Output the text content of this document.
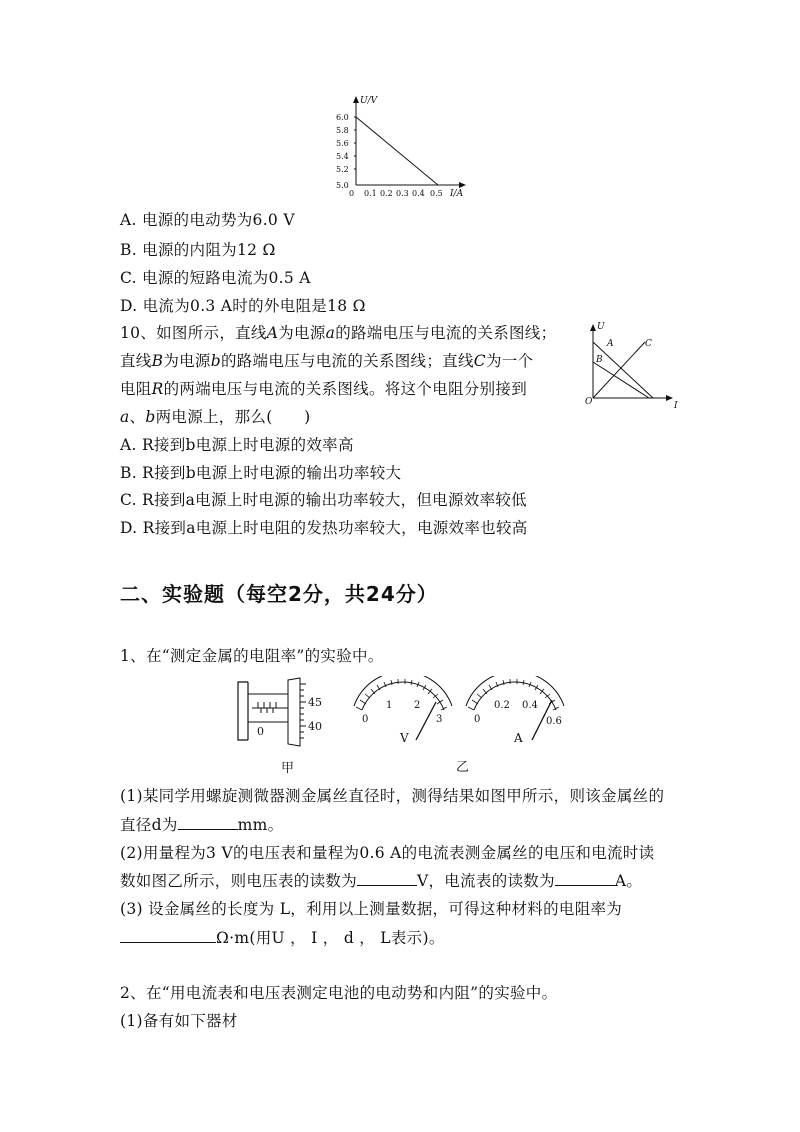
U/V
I/A
0
6.0
5.8
5.6
5.4
5.2
5.0
0.1 0.2 0.3 0.4 0.5
A. 电源的电动势为6.0 V
B. 电源的内阻为12 Ω
C. 电源的短路电流为0.5 A
D. 电流为0.3 A时的外电阻是18 Ω
10、如图所示，直线A为电源a的路端电压与电流的关系图线；
直线B为电源b的路端电压与电流的关系图线；直线C为一个
电阻R的两端电压与电流的关系图线。将这个电阻分别接到
a、b两电源上，那么(　　)
U
I
O
A
B
C
A. R接到b电源上时电源的效率高
B. R接到b电源上时电源的输出功率较大
C. R接到a电源上时电源的输出功率较大，但电源效率较低
D. R接到a电源上时电阻的发热功率较大，电源效率也较高
二、实验题（每空2分，共24分）
1、在“测定金属的电阻率”的实验中。
0
45
40
甲
0
1 2
3
V
0
0.2 0.4
0.6
A
乙
(1)某同学用螺旋测微器测金属丝直径时，测得结果如图甲所示，则该金属丝的
直径d为	mm。
(2)用量程为3 V的电压表和量程为0.6 A的电流表测金属丝的电压和电流时读
数如图乙所示，则电压表的读数为	V，电流表的读数为	A。
(3) 设金属丝的长度为 L，利用以上测量数据，可得这种材料的电阻率为
Ω·m(用U ， I ， d ， L表示)。
2、在“用电流表和电压表测定电池的电动势和内阻”的实验中。
(1)备有如下器材
